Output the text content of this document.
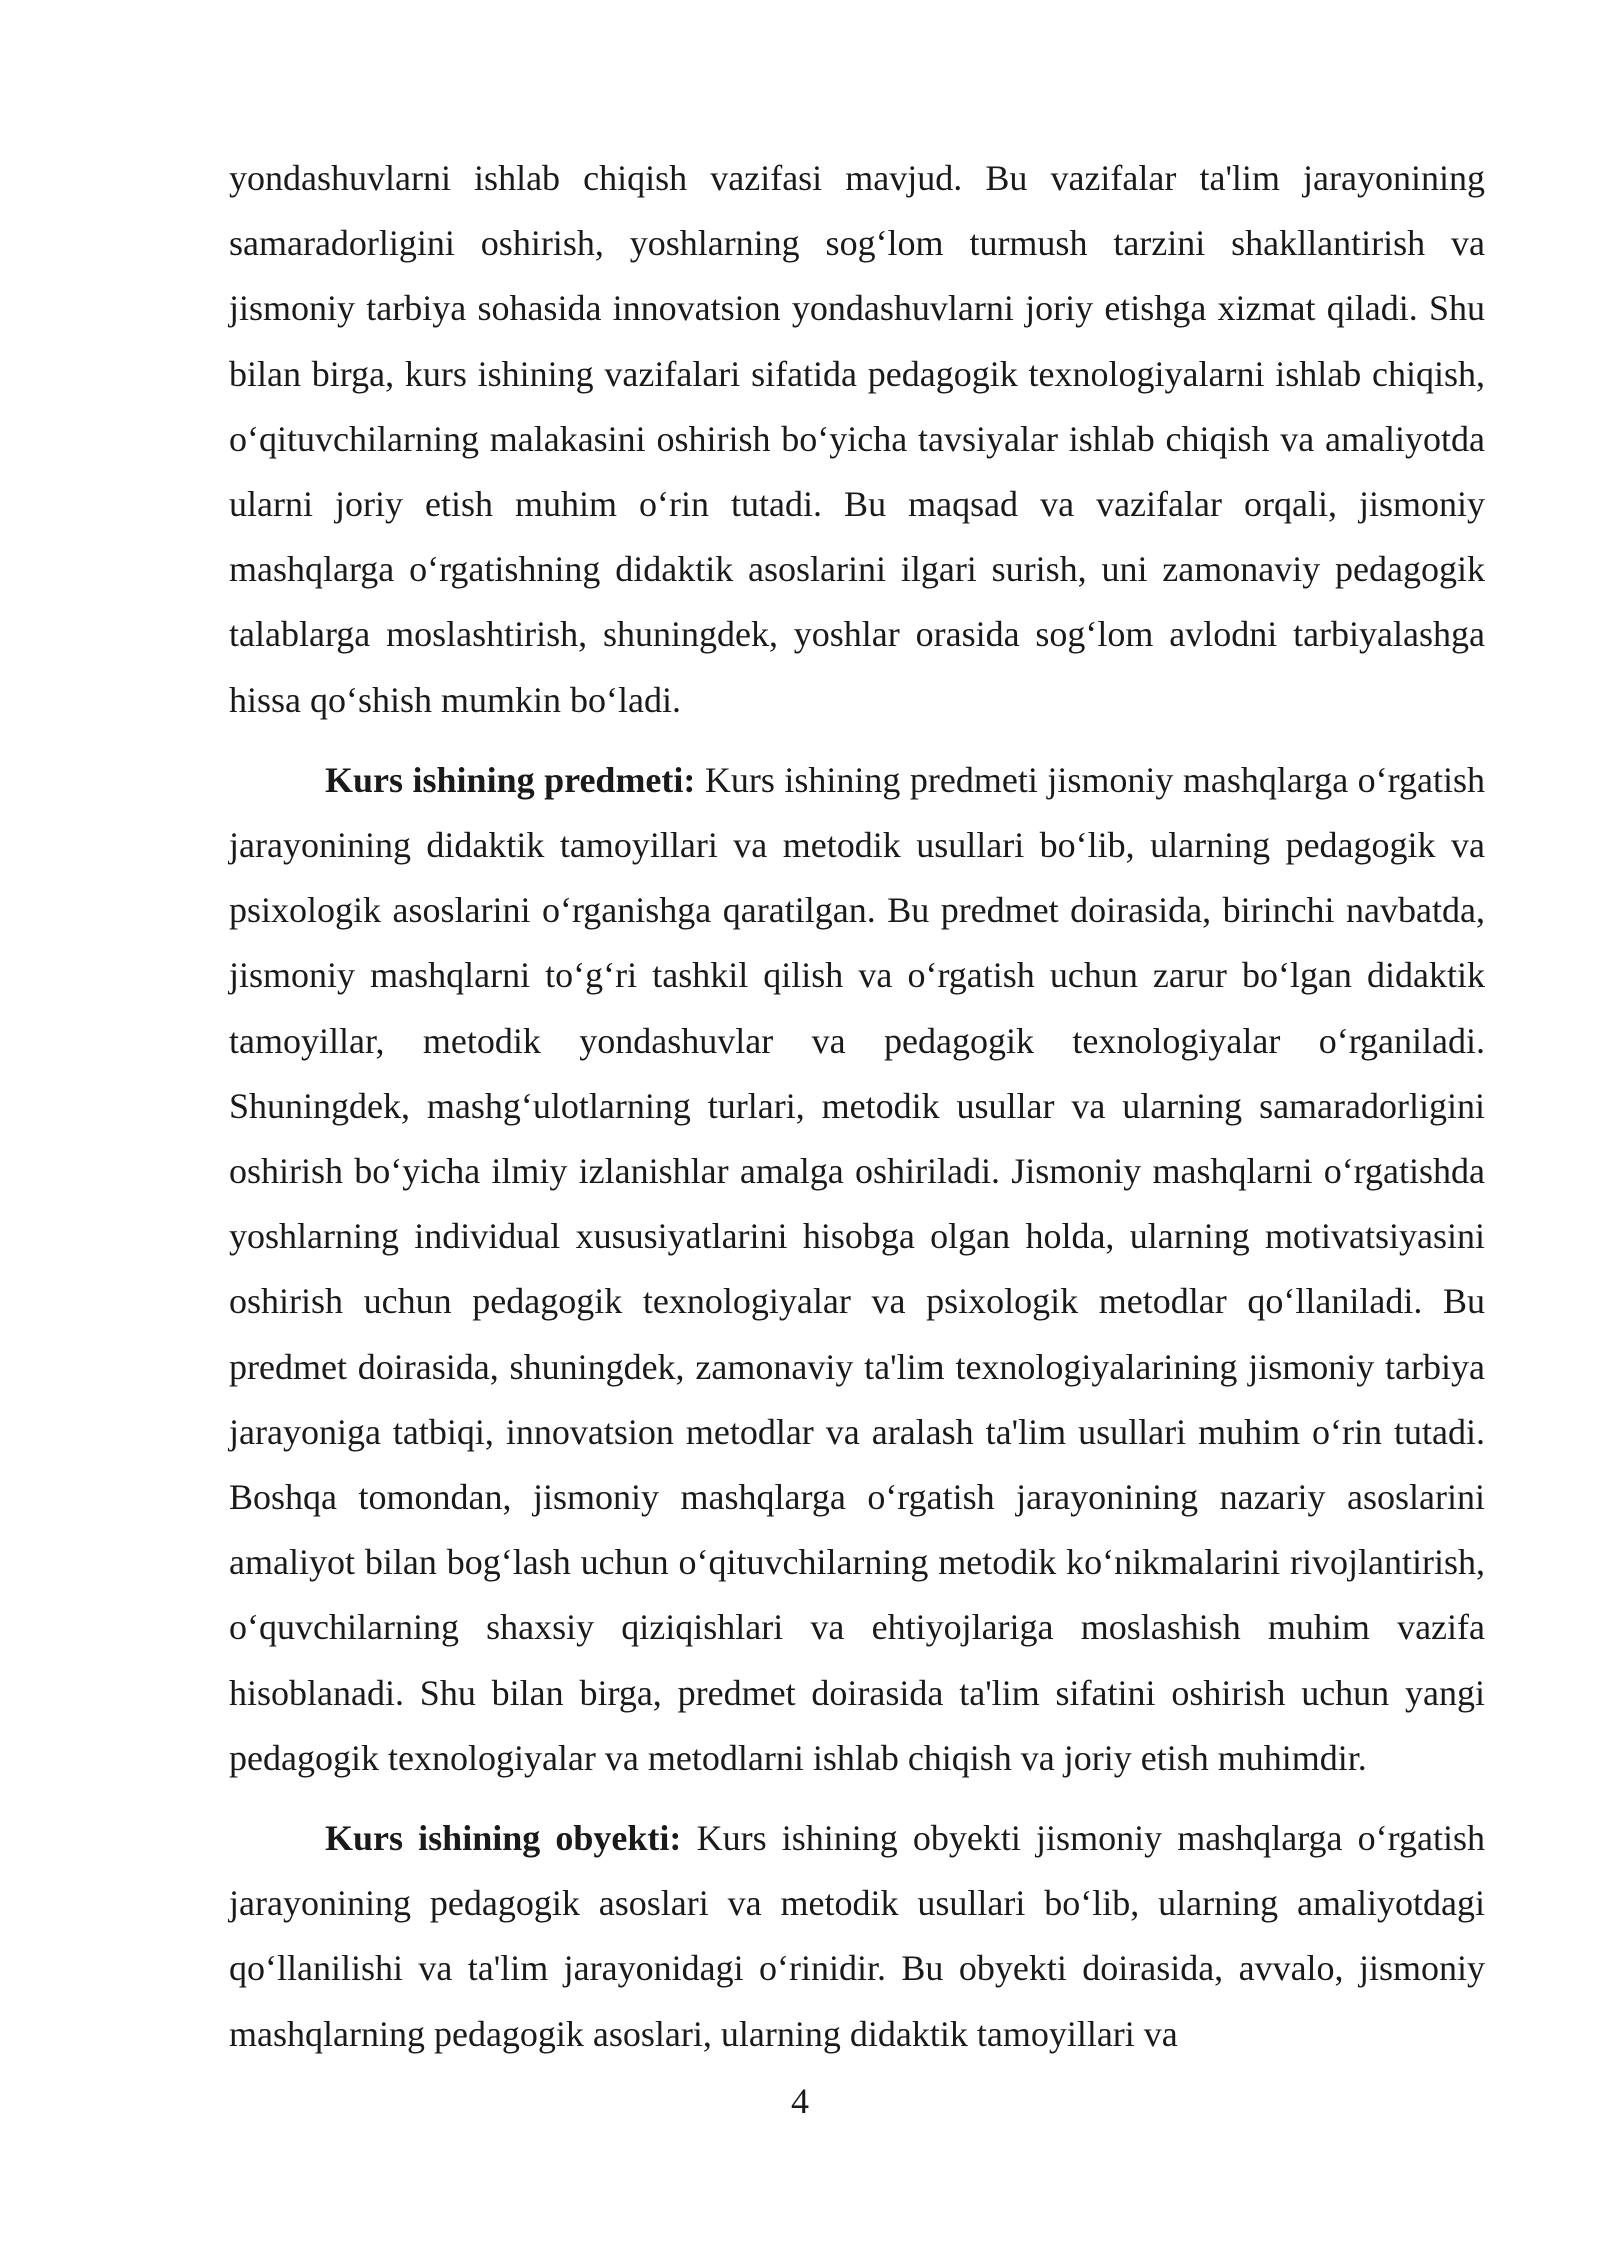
yondashuvlarni ishlab chiqish vazifasi mavjud. Bu vazifalar ta'lim jarayonining samaradorligini oshirish, yoshlarning sog‘lom turmush tarzini shakllantirish va jismoniy tarbiya sohasida innovatsion yondashuvlarni joriy etishga xizmat qiladi. Shu bilan birga, kurs ishining vazifalari sifatida pedagogik texnologiyalarni ishlab chiqish, o‘qituvchilarning malakasini oshirish bo‘yicha tavsiyalar ishlab chiqish va amaliyotda ularni joriy etish muhim o‘rin tutadi. Bu maqsad va vazifalar orqali, jismoniy mashqlarga o‘rgatishning didaktik asoslarini ilgari surish, uni zamonaviy pedagogik talablarga moslashtirish, shuningdek, yoshlar orasida sog‘lom avlodni tarbiyalashga hissa qo‘shish mumkin bo‘ladi.

Kurs ishining predmeti: Kurs ishining predmeti jismoniy mashqlarga o‘rgatish jarayonining didaktik tamoyillari va metodik usullari bo‘lib, ularning pedagogik va psixologik asoslarini o‘rganishga qaratilgan. Bu predmet doirasida, birinchi navbatda, jismoniy mashqlarni to‘g‘ri tashkil qilish va o‘rgatish uchun zarur bo‘lgan didaktik tamoyillar, metodik yondashuvlar va pedagogik texnologiyalar o‘rganiladi. Shuningdek, mashg‘ulotlarning turlari, metodik usullar va ularning samaradorligini oshirish bo‘yicha ilmiy izlanishlar amalga oshiriladi. Jismoniy mashqlarni o‘rgatishda yoshlarning individual xususiyatlarini hisobga olgan holda, ularning motivatsiyasini oshirish uchun pedagogik texnologiyalar va psixologik metodlar qo‘llaniladi. Bu predmet doirasida, shuningdek, zamonaviy ta'lim texnologiyalarining jismoniy tarbiya jarayoniga tatbiqi, innovatsion metodlar va aralash ta'lim usullari muhim o‘rin tutadi. Boshqa tomondan, jismoniy mashqlarga o‘rgatish jarayonining nazariy asoslarini amaliyot bilan bog‘lash uchun o‘qituvchilarning metodik ko‘nikmalarini rivojlantirish, o‘quvchilarning shaxsiy qiziqishlari va ehtiyojlariga moslashish muhim vazifa hisoblanadi. Shu bilan birga, predmet doirasida ta'lim sifatini oshirish uchun yangi pedagogik texnologiyalar va metodlarni ishlab chiqish va joriy etish muhimdir.

Kurs ishining obyekti: Kurs ishining obyekti jismoniy mashqlarga o‘rgatish jarayonining pedagogik asoslari va metodik usullari bo‘lib, ularning amaliyotdagi qo‘llanilishi va ta'lim jarayonidagi o‘rinidir. Bu obyekti doirasida, avvalo, jismoniy mashqlarning pedagogik asoslari, ularning didaktik tamoyillari va

4
